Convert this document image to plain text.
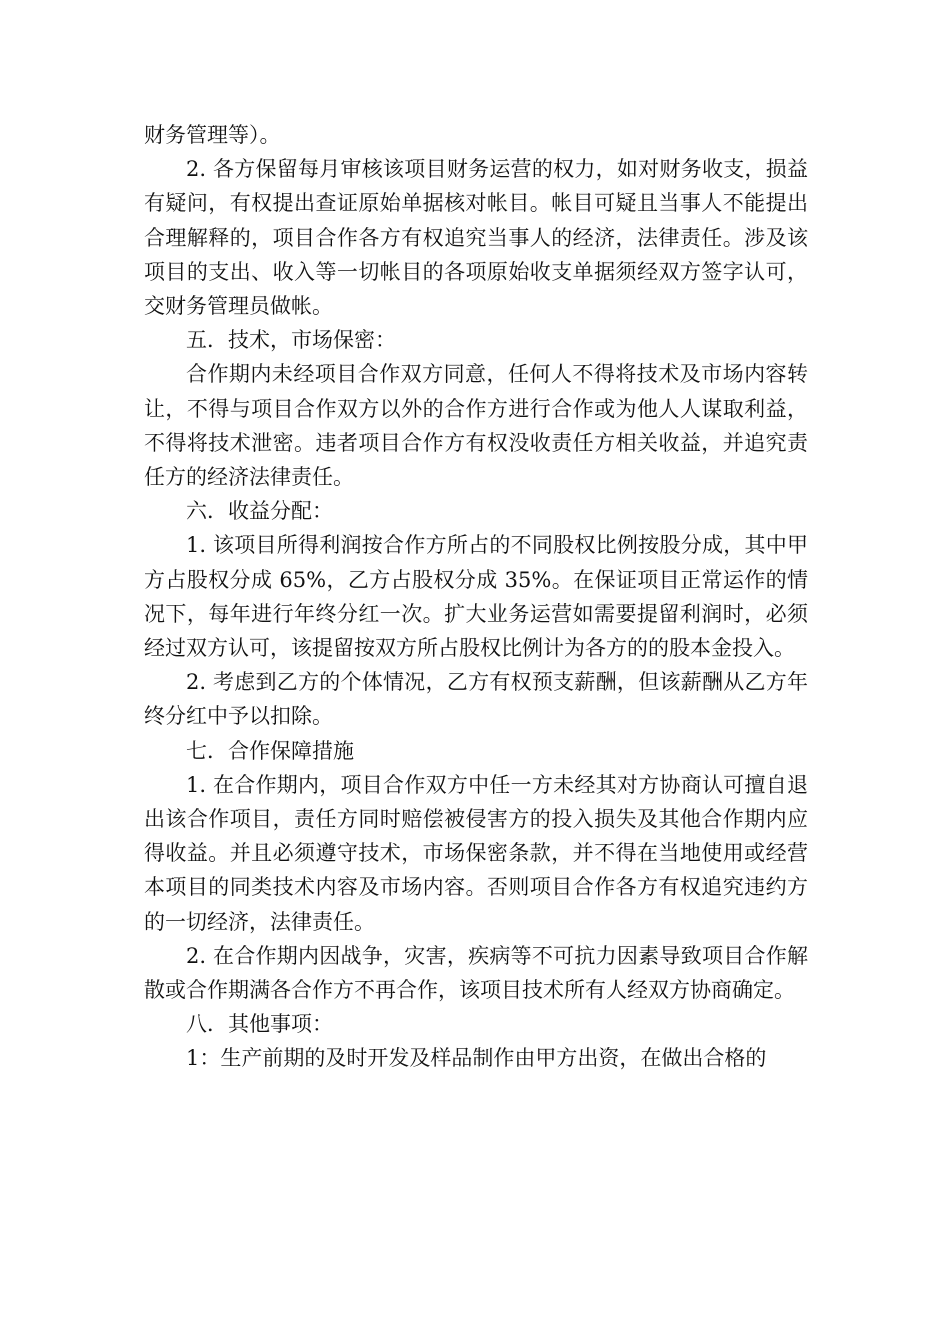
财务管理等）。

2. 各方保留每月审核该项目财务运营的权力，如对财务收支，损益有疑问，有权提出查证原始单据核对帐目。帐目可疑且当事人不能提出合理解释的，项目合作各方有权追究当事人的经济，法律责任。涉及该项目的支出、收入等一切帐目的各项原始收支单据须经双方签字认可，交财务管理员做帐。

五．技术，市场保密：

合作期内未经项目合作双方同意，任何人不得将技术及市场内容转让，不得与项目合作双方以外的合作方进行合作或为他人人谋取利益，不得将技术泄密。违者项目合作方有权没收责任方相关收益，并追究责任方的经济法律责任。

六．收益分配：

1. 该项目所得利润按合作方所占的不同股权比例按股分成，其中甲方占股权分成 65%，乙方占股权分成 35%。在保证项目正常运作的情况下，每年进行年终分红一次。扩大业务运营如需要提留利润时，必须经过双方认可，该提留按双方所占股权比例计为各方的的股本金投入。

2. 考虑到乙方的个体情况，乙方有权预支薪酬，但该薪酬从乙方年终分红中予以扣除。

七．合作保障措施

1. 在合作期内，项目合作双方中任一方未经其对方协商认可擅自退出该合作项目，责任方同时赔偿被侵害方的投入损失及其他合作期内应得收益。并且必须遵守技术，市场保密条款，并不得在当地使用或经营本项目的同类技术内容及市场内容。否则项目合作各方有权追究违约方的一切经济，法律责任。

2. 在合作期内因战争，灾害，疾病等不可抗力因素导致项目合作解散或合作期满各合作方不再合作，该项目技术所有人经双方协商确定。

八．其他事项：

1：生产前期的及时开发及样品制作由甲方出资，在做出合格的
